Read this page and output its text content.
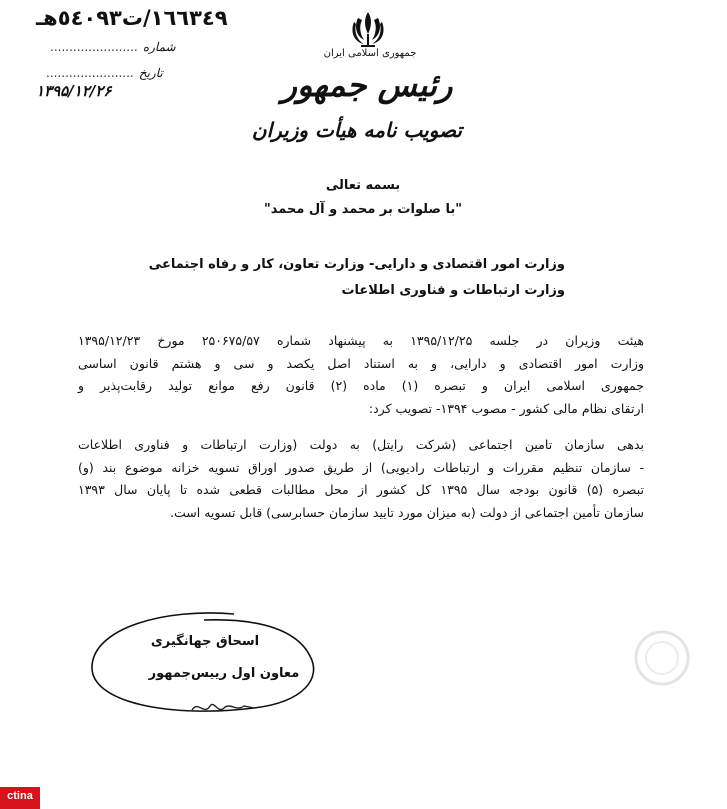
١٦٦٣٤٩/ت٥٤٠٩٣هـ
شماره .......................
تاریخ .......................
۱۳۹۵/۱۲/۲۶
جمهوری اسلامی ایران
رئیس جمهور
تصویب نامه هیأت وزیران
بسمه تعالی
"با صلوات بر محمد و آل محمد"
وزارت امور اقتصادی و دارایی- وزارت تعاون، کار و رفاه اجتماعی
وزارت ارتباطات و فناوری اطلاعات
هیئت وزیران در جلسه ۱۳۹۵/۱۲/۲۵ به پیشنهاد شماره ۲۵۰۶۷۵/۵۷ مورخ ۱۳۹۵/۱۲/۲۳
وزارت امور اقتصادی و دارایی، و به استناد اصل یکصد و سی و هشتم قانون اساسی
جمهوری اسلامی ایران و تبصره (۱) ماده (۲) قانون رفع موانع تولید رقابت‌پذیر و
ارتقای نظام مالی کشور - مصوب ۱۳۹۴- تصویب کرد:
بدهی سازمان تامین اجتماعی (شرکت رایتل) به دولت (وزارت ارتباطات و فناوری اطلاعات
- سازمان تنظیم مقررات و ارتباطات رادیویی) از طریق صدور اوراق تسویه خزانه موضوع بند (و)
تبصره (۵) قانون بودجه سال ۱۳۹۵ کل کشور از محل مطالبات قطعی شده تا پایان سال ۱۳۹۳
سازمان تأمین اجتماعی از دولت (به میزان مورد تایید سازمان حسابرسی) قابل تسویه است.
اسحاق جهانگیری
معاون اول رییس‌جمهور
ctina
